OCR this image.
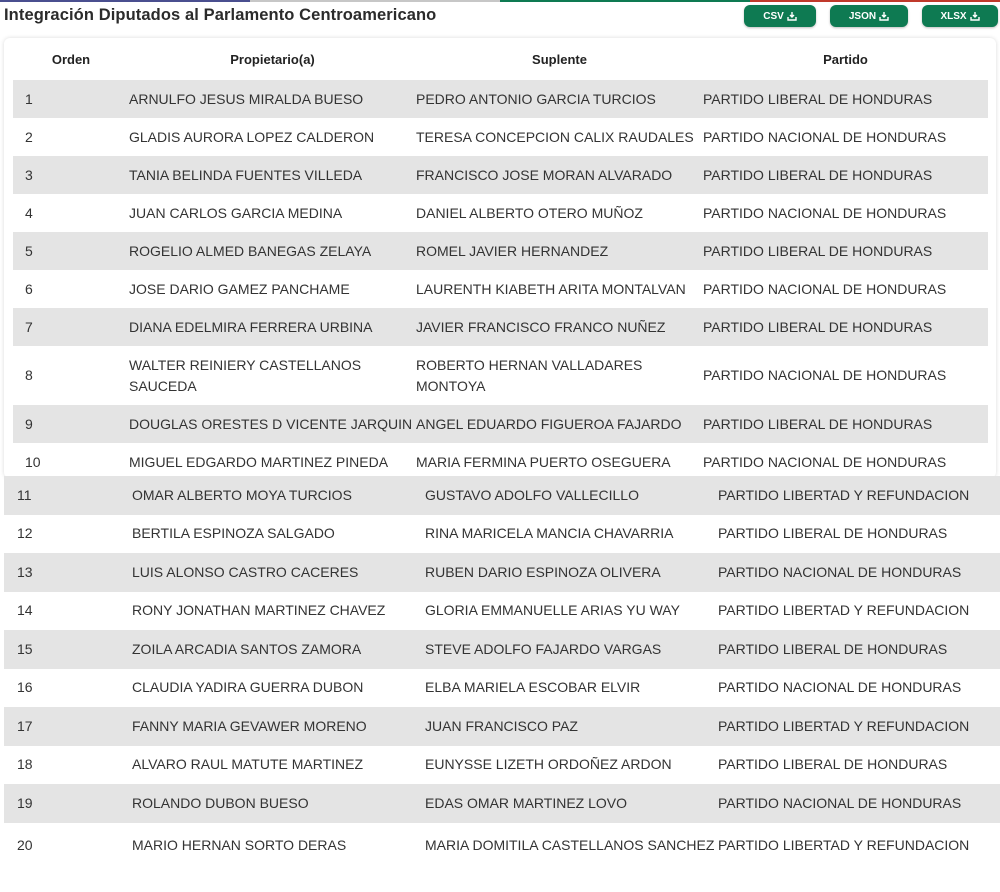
Integración Diputados al Parlamento Centroamericano	CSV	JSON	XLSX
Orden	Propietario(a)	Suplente	Partido
1	ARNULFO JESUS MIRALDA BUESO	PEDRO ANTONIO GARCIA TURCIOS	PARTIDO LIBERAL DE HONDURAS
2	GLADIS AURORA LOPEZ CALDERON	TERESA CONCEPCION CALIX RAUDALES	PARTIDO NACIONAL DE HONDURAS
3	TANIA BELINDA FUENTES VILLEDA	FRANCISCO JOSE MORAN ALVARADO	PARTIDO LIBERAL DE HONDURAS
4	JUAN CARLOS GARCIA MEDINA	DANIEL ALBERTO OTERO MUÑOZ	PARTIDO NACIONAL DE HONDURAS
5	ROGELIO ALMED BANEGAS ZELAYA	ROMEL JAVIER HERNANDEZ	PARTIDO LIBERAL DE HONDURAS
6	JOSE DARIO GAMEZ PANCHAME	LAURENTH KIABETH ARITA MONTALVAN	PARTIDO NACIONAL DE HONDURAS
7	DIANA EDELMIRA FERRERA URBINA	JAVIER FRANCISCO FRANCO NUÑEZ	PARTIDO LIBERAL DE HONDURAS
8	WALTER REINIERY CASTELLANOS SAUCEDA	ROBERTO HERNAN VALLADARES MONTOYA	PARTIDO NACIONAL DE HONDURAS
9	DOUGLAS ORESTES D VICENTE JARQUIN	ANGEL EDUARDO FIGUEROA FAJARDO	PARTIDO LIBERAL DE HONDURAS
10	MIGUEL EDGARDO MARTINEZ PINEDA	MARIA FERMINA PUERTO OSEGUERA	PARTIDO NACIONAL DE HONDURAS
11	OMAR ALBERTO MOYA TURCIOS	GUSTAVO ADOLFO VALLECILLO	PARTIDO LIBERTAD Y REFUNDACION
12	BERTILA ESPINOZA SALGADO	RINA MARICELA MANCIA CHAVARRIA	PARTIDO LIBERAL DE HONDURAS
13	LUIS ALONSO CASTRO CACERES	RUBEN DARIO ESPINOZA OLIVERA	PARTIDO NACIONAL DE HONDURAS
14	RONY JONATHAN MARTINEZ CHAVEZ	GLORIA EMMANUELLE ARIAS YU WAY	PARTIDO LIBERTAD Y REFUNDACION
15	ZOILA ARCADIA SANTOS ZAMORA	STEVE ADOLFO FAJARDO VARGAS	PARTIDO LIBERAL DE HONDURAS
16	CLAUDIA YADIRA GUERRA DUBON	ELBA MARIELA ESCOBAR ELVIR	PARTIDO NACIONAL DE HONDURAS
17	FANNY MARIA GEVAWER MORENO	JUAN FRANCISCO PAZ	PARTIDO LIBERTAD Y REFUNDACION
18	ALVARO RAUL MATUTE MARTINEZ	EUNYSSE LIZETH ORDOÑEZ ARDON	PARTIDO LIBERAL DE HONDURAS
19	ROLANDO DUBON BUESO	EDAS OMAR MARTINEZ LOVO	PARTIDO NACIONAL DE HONDURAS
20	MARIO HERNAN SORTO DERAS	MARIA DOMITILA CASTELLANOS SANCHEZ	PARTIDO LIBERTAD Y REFUNDACION
